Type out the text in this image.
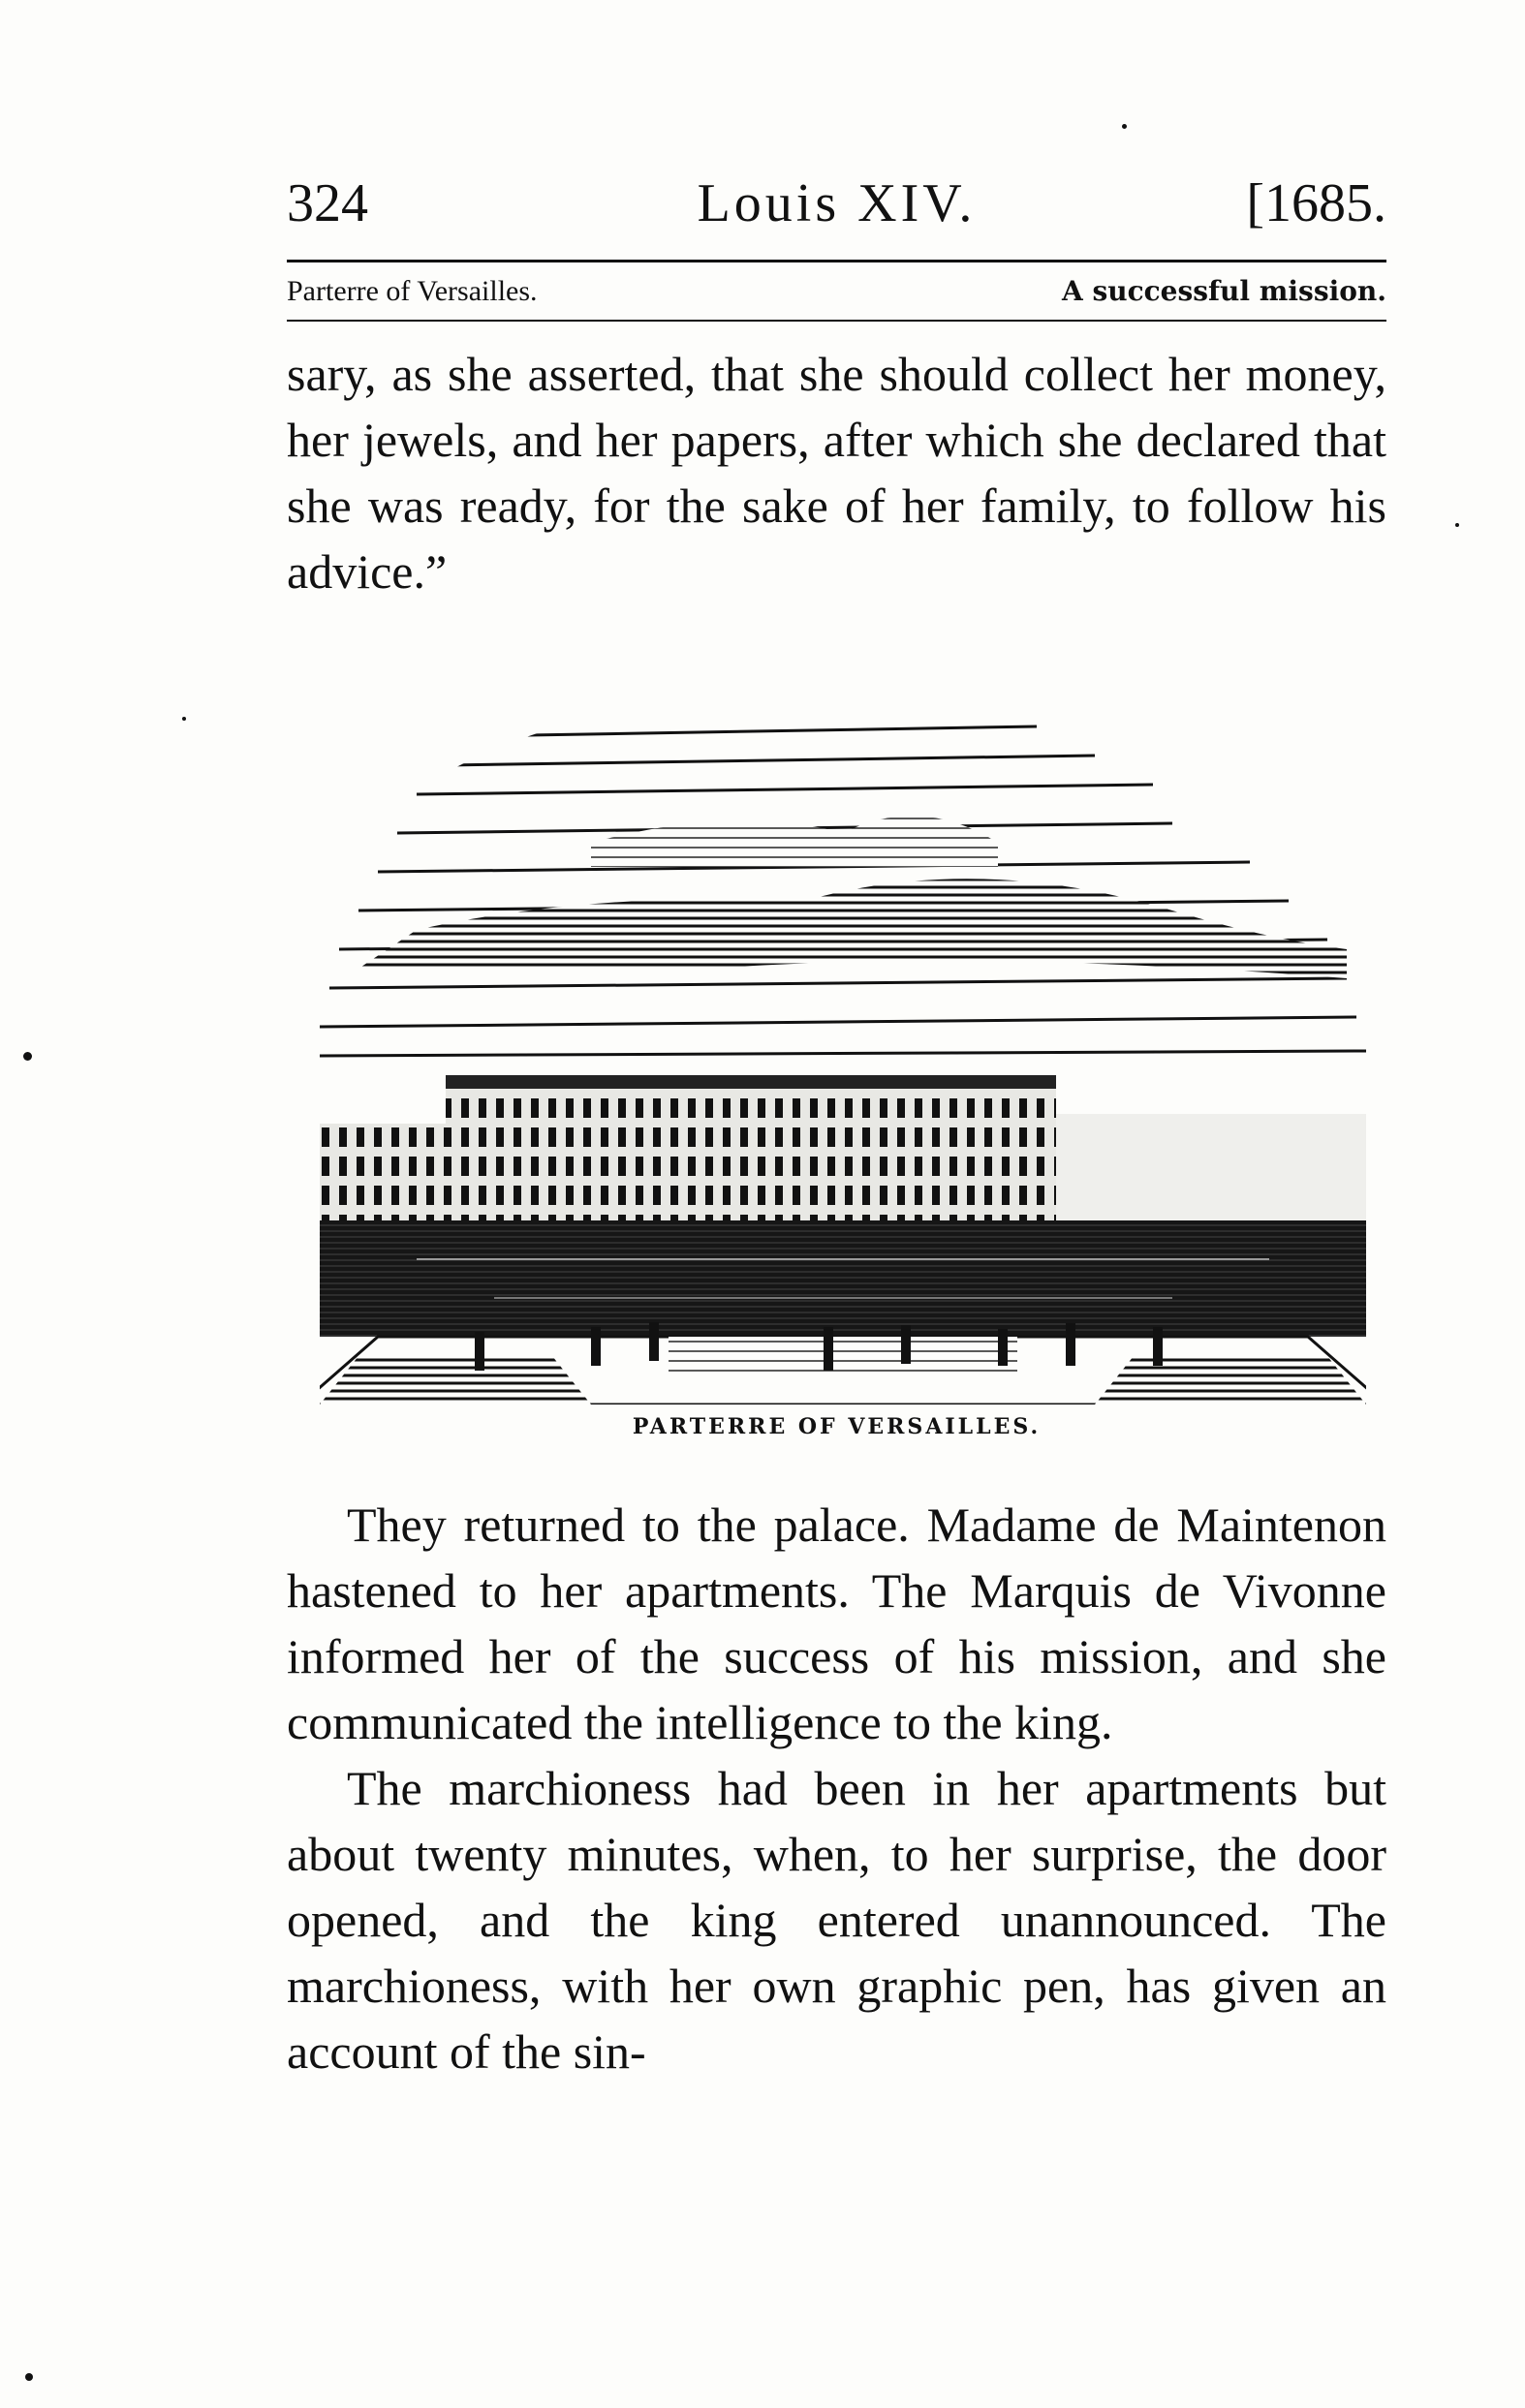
324	Louis XIV.	[1685.
Parterre of Versailles.	A successful mission.

sary, as she asserted, that she should collect her money, her jewels, and her papers, after which she declared that she was ready, for the sake of her family, to follow his advice.”

PARTERRE OF VERSAILLES.

They returned to the palace. Madame de Maintenon hastened to her apartments. The Marquis de Vivonne informed her of the success of his mission, and she communicated the intelligence to the king.

The marchioness had been in her apartments but about twenty minutes, when, to her surprise, the door opened, and the king entered unannounced. The marchioness, with her own graphic pen, has given an account of the sin-
